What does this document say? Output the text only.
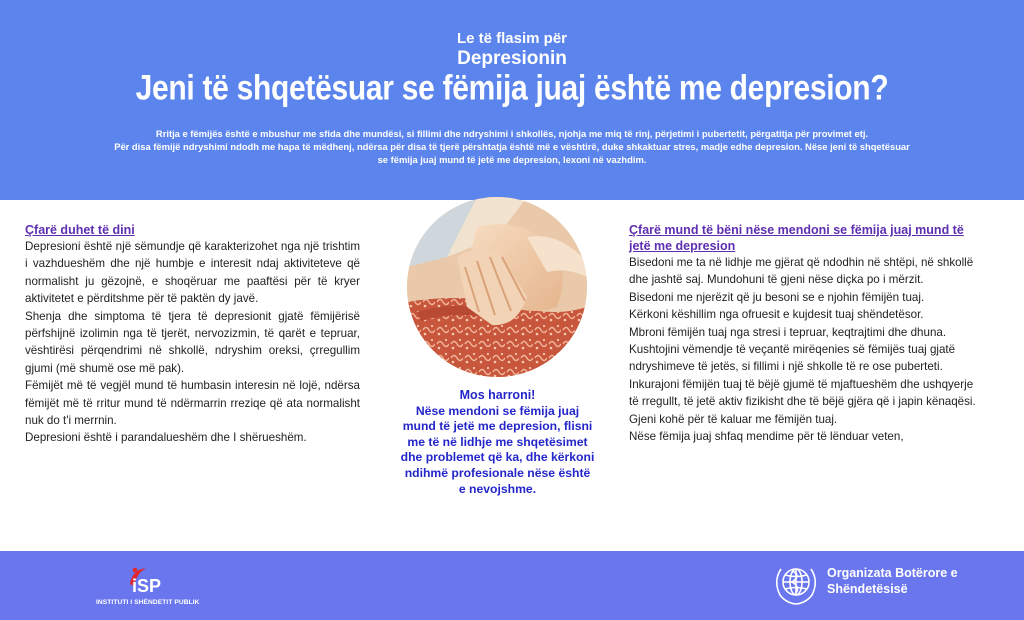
Le të flasim për
Depresionin
Jeni të shqetësuar se fëmija juaj është me depresion?
Rritja e fëmijës është e mbushur me sfida dhe mundësi, si fillimi dhe ndryshimi i shkollës, njohja me miq të rinj, përjetimi i pubertetit, përgatitja për provimet etj.
Për disa fëmijë ndryshimi ndodh me hapa të mëdhenj, ndërsa për disa të tjerë përshtatja është më e vështirë, duke shkaktuar stres, madje edhe depresion. Nëse jeni të shqetësuar se fëmija juaj mund të jetë me depresion, lexoni në vazhdim.
Çfarë duhet të dini

Depresioni është një sëmundje që karakterizohet nga një trishtim i vazhdueshëm dhe një humbje e interesit ndaj aktiviteteve që normalisht ju gëzojnë, e shoqëruar me paaftësi për të kryer aktivitetet e përditshme për të paktën dy javë.

Shenja dhe simptoma të tjera të depresionit gjatë fëmijërisë përfshijnë izolimin nga të tjerët, nervozizmin, të qarët e tepruar, vështirësi përqendrimi në shkollë, ndryshim oreksi, çrregullim gjumi (më shumë ose më pak).

Fëmijët më të vegjël mund të humbasin interesin në lojë, ndërsa fëmijët më të rritur mund të ndërmarrin rreziqe që ata normalisht nuk do t'i merrnin.

Depresioni është i parandalueshëm dhe I shërueshëm.

Mos harroni!
Nëse mendoni se fëmija juaj mund të jetë me depresion, flisni me të në lidhje me shqetësimet dhe problemet që ka, dhe kërkoni ndihmë profesionale nëse është e nevojshme.
Çfarë mund të bëni nëse mendoni se fëmija juaj mund të jetë me depresion

Bisedoni me ta në lidhje me gjërat që ndodhin në shtëpi, në shkollë dhe jashtë saj. Mundohuni të gjeni nëse diçka po i mërzit.

Bisedoni me njerëzit që ju besoni se e njohin fëmijën tuaj.

Kërkoni këshillim nga ofruesit e kujdesit tuaj shëndetësor.

Mbroni fëmijën tuaj nga stresi i tepruar, keqtrajtimi dhe dhuna.

Kushtojini vëmendje të veçantë mirëqenies së fëmijës tuaj gjatë ndryshimeve të jetës, si fillimi i një shkolle të re ose puberteti.

Inkurajoni fëmijën tuaj të bëjë gjumë të mjaftueshëm dhe ushqyerje të rregullt, të jetë aktiv fizikisht dhe të bëjë gjëra që i japin kënaqësi.

Gjeni kohë për të kaluar me fëmijën tuaj.

Nëse fëmija juaj shfaq mendime për të lënduar veten,

iSP
INSTITUTI I SHËNDETIT PUBLIK
Organizata Botërore e Shëndetësisë
